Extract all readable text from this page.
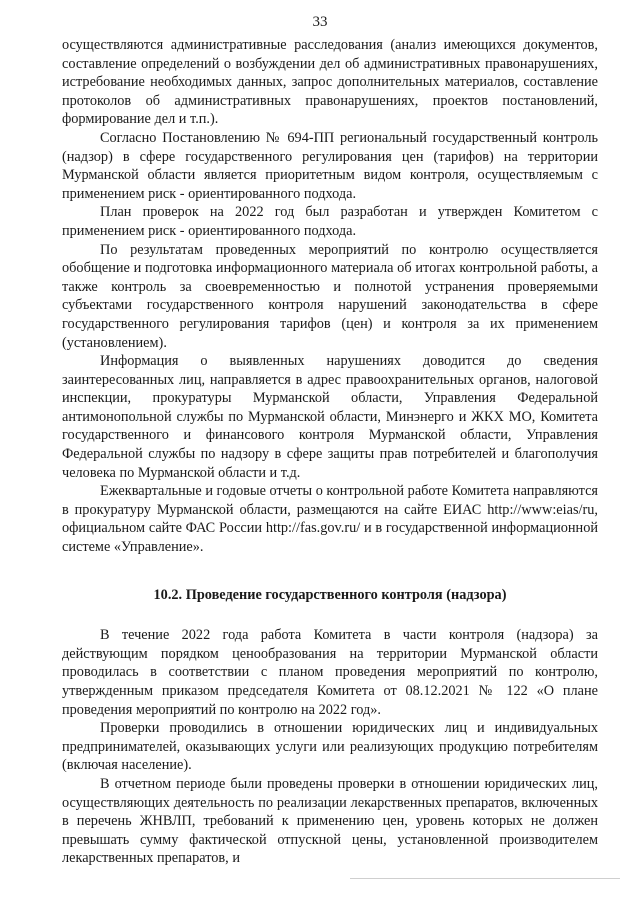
33

осуществляются административные расследования (анализ имеющихся документов, составление определений о возбуждении дел об административных правонарушениях, истребование необходимых данных, запрос дополнительных материалов, составление протоколов об административных правонарушениях, проектов постановлений, формирование дел и т.п.).

Согласно Постановлению № 694-ПП региональный государственный контроль (надзор) в сфере государственного регулирования цен (тарифов) на территории Мурманской области является приоритетным видом контроля, осуществляемым с применением риск - ориентированного подхода.

План проверок на 2022 год был разработан и утвержден Комитетом с применением риск - ориентированного подхода.

По результатам проведенных мероприятий по контролю осуществляется обобщение и подготовка информационного материала об итогах контрольной работы, а также контроль за своевременностью и полнотой устранения проверяемыми субъектами государственного контроля нарушений законодательства в сфере государственного регулирования тарифов (цен) и контроля за их применением (установлением).

Информация о выявленных нарушениях доводится до сведения заинтересованных лиц, направляется в адрес правоохранительных органов, налоговой инспекции, прокуратуры Мурманской области, Управления Федеральной антимонопольной службы по Мурманской области, Минэнерго и ЖКХ МО, Комитета государственного и финансового контроля Мурманской области, Управления Федеральной службы по надзору в сфере защиты прав потребителей и благополучия человека по Мурманской области и т.д.

Ежеквартальные и годовые отчеты о контрольной работе Комитета направляются в прокуратуру Мурманской области, размещаются на сайте ЕИАС http://www:eias/ru, официальном сайте ФАС России http://fas.gov.ru/ и в государственной информационной системе «Управление».

10.2. Проведение государственного контроля (надзора)

В течение 2022 года работа Комитета в части контроля (надзора) за действующим порядком ценообразования на территории Мурманской области проводилась в соответствии с планом проведения мероприятий по контролю, утвержденным приказом председателя Комитета от 08.12.2021 № 122 «О плане проведения мероприятий по контролю на 2022 год».

Проверки проводились в отношении юридических лиц и индивидуальных предпринимателей, оказывающих услуги или реализующих продукцию потребителям (включая население).

В отчетном периоде были проведены проверки в отношении юридических лиц, осуществляющих деятельность по реализации лекарственных препаратов, включенных в перечень ЖНВЛП, требований к применению цен, уровень которых не должен превышать сумму фактической отпускной цены, установленной производителем лекарственных препаратов, и
